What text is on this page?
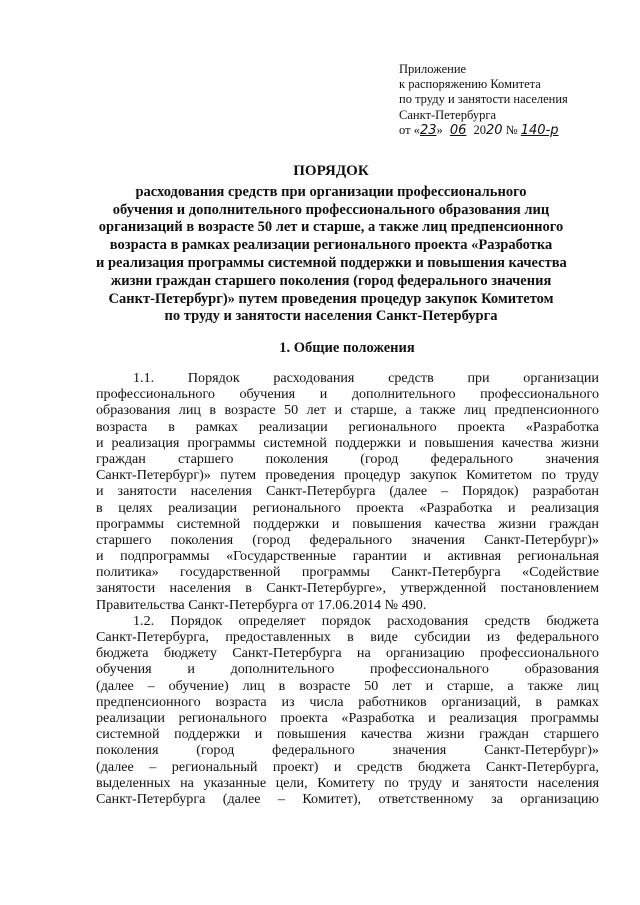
Приложение
к распоряжению Комитета
по труду и занятости населения
Санкт-Петербурга
от «23» 06 2020 № 140-р
ПОРЯДОК
расходования средств при организации профессионального
обучения и дополнительного профессионального образования лиц
организаций в возрасте 50 лет и старше, а также лиц предпенсионного
возраста в рамках реализации регионального проекта «Разработка
и реализация программы системной поддержки и повышения качества
жизни граждан старшего поколения (город федерального значения
Санкт-Петербург)» путем проведения процедур закупок Комитетом
по труду и занятости населения Санкт-Петербурга
1. Общие положения
1.1. Порядок расходования средств при организации
профессионального обучения и дополнительного профессионального
образования лиц в возрасте 50 лет и старше, а также лиц предпенсионного
возраста в рамках реализации регионального проекта «Разработка
и реализация программы системной поддержки и повышения качества жизни
граждан старшего поколения (город федерального значения
Санкт-Петербург)» путем проведения процедур закупок Комитетом по труду
и занятости населения Санкт-Петербурга (далее – Порядок) разработан
в целях реализации регионального проекта «Разработка и реализация
программы системной поддержки и повышения качества жизни граждан
старшего поколения (город федерального значения Санкт-Петербург)»
и подпрограммы «Государственные гарантии и активная региональная
политика» государственной программы Санкт-Петербурга «Содействие
занятости населения в Санкт-Петербурге», утвержденной постановлением
Правительства Санкт-Петербурга от 17.06.2014 № 490.
1.2. Порядок определяет порядок расходования средств бюджета
Санкт-Петербурга, предоставленных в виде субсидии из федерального
бюджета бюджету Санкт-Петербурга на организацию профессионального
обучения	и	дополнительного	профессионального	образования
(далее – обучение) лиц в возрасте 50 лет и старше, а также лиц
предпенсионного возраста из числа работников организаций, в рамках
реализации регионального проекта «Разработка и реализация программы
системной поддержки и повышения качества жизни граждан старшего
поколения	(город	федерального	значения	Санкт-Петербург)»
(далее – региональный проект) и средств бюджета Санкт-Петербурга,
выделенных на указанные цели, Комитету по труду и занятости населения
Санкт-Петербурга (далее – Комитет), ответственному за организацию
